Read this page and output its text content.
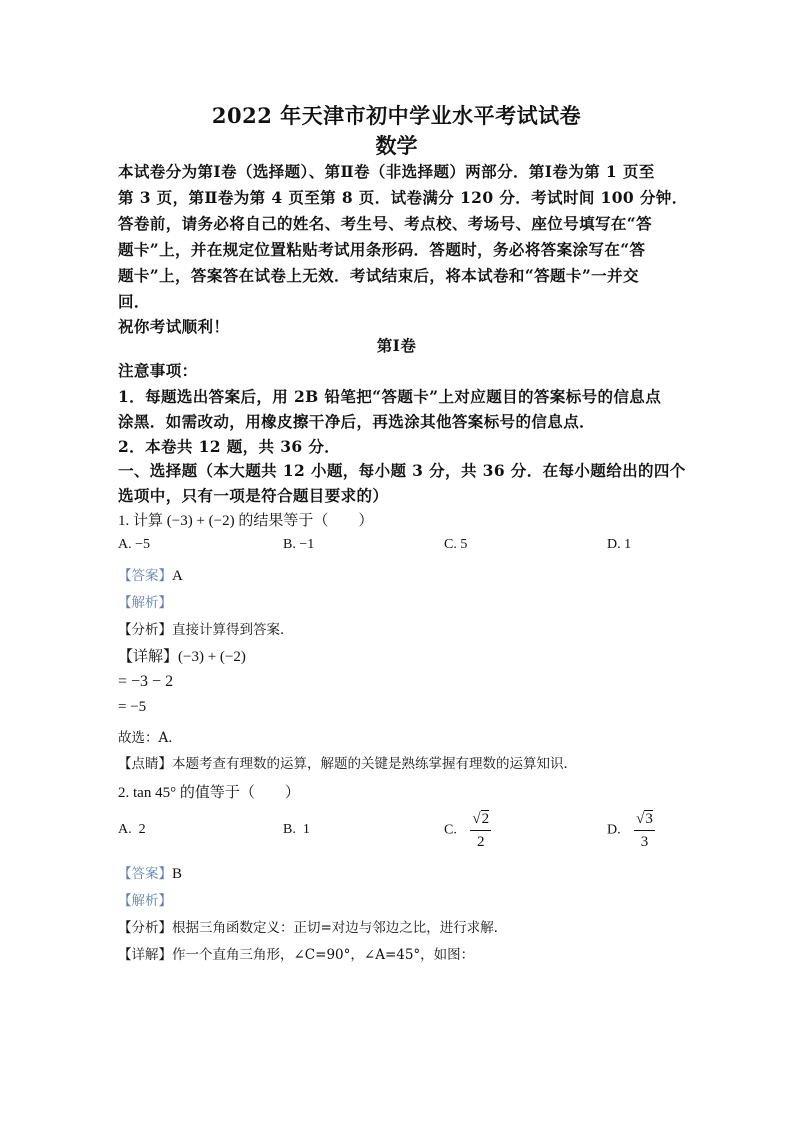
2022 年天津市初中学业水平考试试卷
数学
本试卷分为第Ⅰ卷（选择题）、第Ⅱ卷（非选择题）两部分．第Ⅰ卷为第 1 页至
第 3 页，第Ⅱ卷为第 4 页至第 8 页．试卷满分 120 分．考试时间 100 分钟．
答卷前，请务必将自己的姓名、考生号、考点校、考场号、座位号填写在“答
题卡”上，并在规定位置粘贴考试用条形码．答题时，务必将答案涂写在“答
题卡”上，答案答在试卷上无效．考试结束后，将本试卷和“答题卡”一并交
回．
祝你考试顺利！
第Ⅰ卷
注意事项：
1．每题选出答案后，用 2B 铅笔把“答题卡”上对应题目的答案标号的信息点
涂黑．如需改动，用橡皮擦干净后，再选涂其他答案标号的信息点．
2．本卷共 12 题，共 36 分．
一、选择题（本大题共 12 小题，每小题 3 分，共 36 分．在每小题给出的四个
选项中，只有一项是符合题目要求的）
1. 计算 (−3) + (−2) 的结果等于（　　）
A. −5	B. −1	C. 5	D. 1
【答案】A
【解析】
【分析】直接计算得到答案．
【详解】(−3) + (−2)
= −3 − 2
= −5
故选：A．
【点睛】本题考查有理数的运算，解题的关键是熟练掌握有理数的运算知识．
2. tan 45° 的值等于（　　）
A. 2	B. 1	C. $\frac{√2}{2}$	D. $\frac{√3}{3}$
【答案】B
【解析】
【分析】根据三角函数定义：正切=对边与邻边之比，进行求解．
【详解】作一个直角三角形，∠C=90°，∠A=45°，如图：
